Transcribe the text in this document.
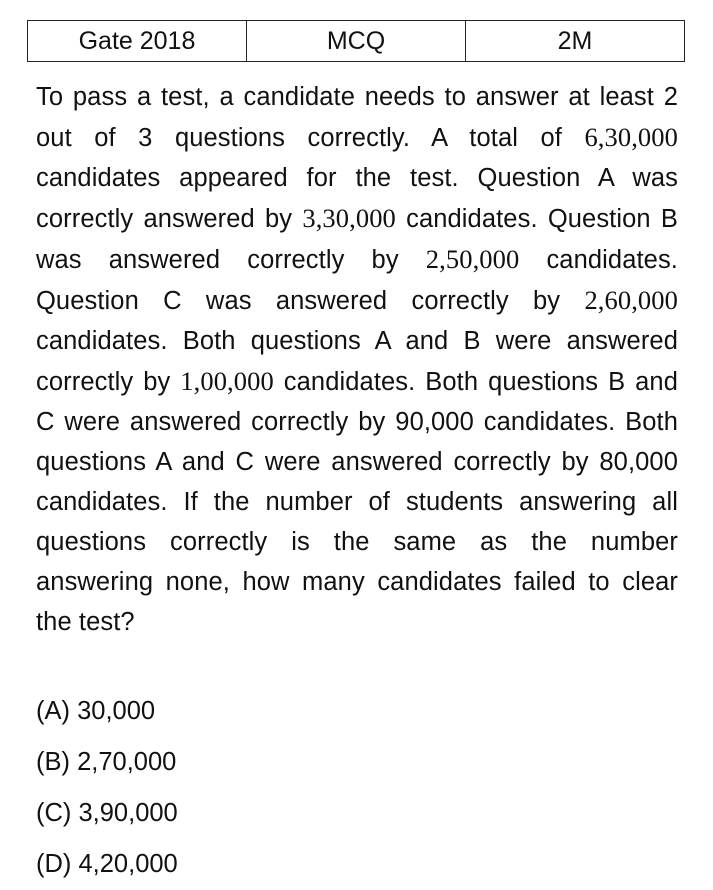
Gate 2018	MCQ	2M
To pass a test, a candidate needs to answer at least 2 out of 3 questions correctly. A total of 6,30,000 candidates appeared for the test. Question A was correctly answered by 3,30,000 candidates. Question B was answered correctly by 2,50,000 candidates. Question C was answered correctly by 2,60,000 candidates. Both questions A and B were answered correctly by 1,00,000 candidates. Both questions B and C were answered correctly by 90,000 candidates. Both questions A and C were answered correctly by 80,000 candidates. If the number of students answering all questions correctly is the same as the number answering none, how many candidates failed to clear the test?
(A) 30,000
(B) 2,70,000
(C) 3,90,000
(D) 4,20,000
